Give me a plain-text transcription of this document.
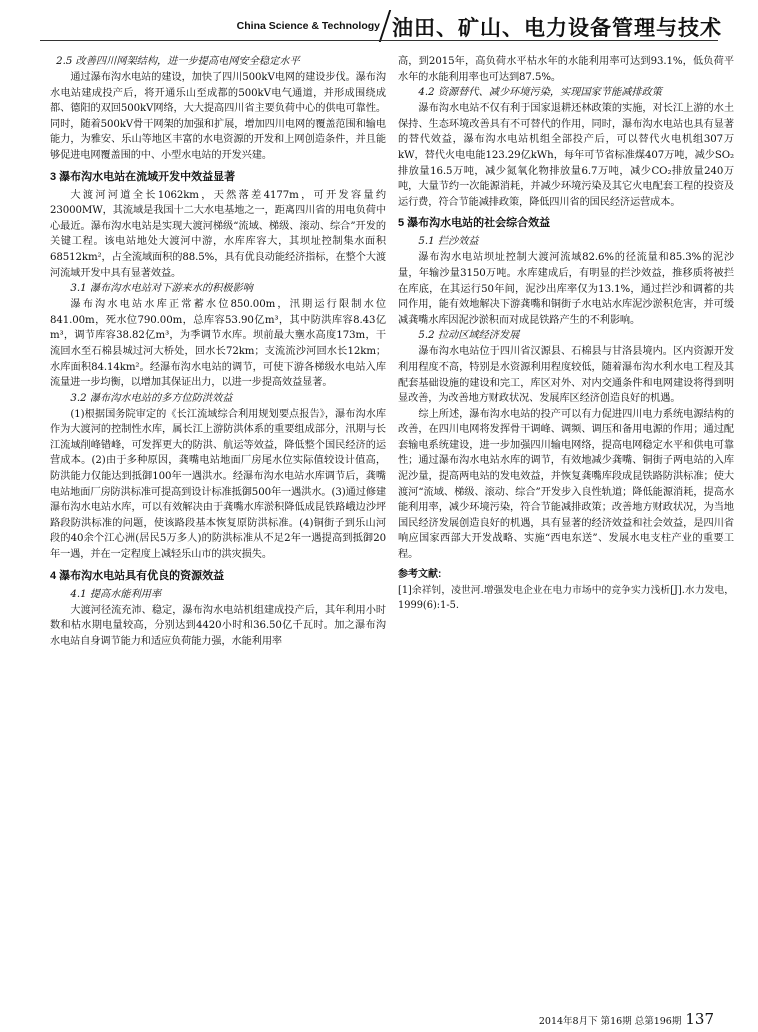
China Science & Technology 油田、矿山、电力设备管理与技术

2.5 改善四川网架结构，进一步提高电网安全稳定水平

通过瀑布沟水电站的建设，加快了四川500kV电网的建设步伐。瀑布沟水电站建成投产后，将开通乐山至成都的500kV电气通道，并形成围绕成都、德阳的双回500kV网络，大大提高四川省主要负荷中心的供电可靠性。同时，随着500kV骨干网架的加强和扩展，增加四川电网的覆盖范围和输电能力，为雅安、乐山等地区丰富的水电资源的开发和上网创造条件，并且能够促进电网覆盖围的中、小型水电站的开发兴建。

3 瀑布沟水电站在流域开发中效益显著

大渡河河道全长1062km，天然落差4177m，可开发容量约23000MW，其流域是我国十二大水电基地之一，距离四川省的用电负荷中心最近。瀑布沟水电站是实现大渡河梯级“流域、梯级、滚动、综合”开发的关键工程。该电站地处大渡河中游，水库库容大，其坝址控制集水面积68512km²，占全流域面积的88.5%，具有优良动能经济指标，在整个大渡河流域开发中具有显著效益。

3.1 瀑布沟水电站对下游来水的积极影响

瀑布沟水电站水库正常蓄水位850.00m，汛期运行限制水位841.00m，死水位790.00m，总库容53.90亿m³，其中防洪库容8.43亿m³，调节库容38.82亿m³，为季调节水库。坝前最大壅水高度173m，干流回水至石棉县城过河大桥处，回水长72km；支流流沙河回水长12km；水库面积84.14km²。经瀑布沟水电站的调节，可使下游各梯级水电站入库流量进一步均衡，以增加其保证出力，以进一步提高效益显著。

3.2 瀑布沟水电站的多方位防洪效益

(1)根据国务院审定的《长江流域综合利用规划要点报告》，瀑布沟水库作为大渡河的控制性水库，属长江上游防洪体系的重要组成部分，汛期与长江流域削峰错峰，可发挥更大的防洪、航运等效益，降低整个国民经济的运营成本。(2)由于多种原因，龚嘴电站地面厂房尾水位实际值较设计值高，防洪能力仅能达到抵御100年一遇洪水。经瀑布沟水电站水库调节后，龚嘴电站地面厂房防洪标准可提高到设计标准抵御500年一遇洪水。(3)通过修建瀑布沟水电站水库，可以有效解决由于龚嘴水库淤积降低成昆铁路峨边沙坪路段防洪标准的问题，使该路段基本恢复原防洪标准。(4)铜街子到乐山河段的40余个江心洲(居民5万多人)的防洪标准从不足2年一遇提高到抵御20年一遇，并在一定程度上减轻乐山市的洪灾损失。

4 瀑布沟水电站具有优良的资源效益

4.1 提高水能利用率

大渡河径流充沛、稳定，瀑布沟水电站机组建成投产后，其年利用小时数和枯水期电量较高，分别达到4420小时和36.50亿千瓦时。加之瀑布沟水电站自身调节能力和适应负荷能力强，水能利用率

高，到2015年，高负荷水平枯水年的水能利用率可达到93.1%，低负荷平水年的水能利用率也可达到87.5%。

4.2 资源替代、减少环境污染，实现国家节能减排政策

瀑布沟水电站不仅有利于国家退耕还林政策的实施，对长江上游的水土保持、生态环境改善具有不可替代的作用，同时，瀑布沟水电站也具有显著的替代效益，瀑布沟水电站机组全部投产后，可以替代火电机组307万kW，替代火电电能123.29亿kWh，每年可节省标准煤407万吨，减少SO₂排放量16.5万吨，减少氮氧化物排放量6.7万吨，减少CO₂排放量240万吨，大量节约一次能源消耗，并减少环境污染及其它火电配套工程的投资及运行费，符合节能减排政策，降低四川省的国民经济运营成本。

5 瀑布沟水电站的社会综合效益

5.1 拦沙效益

瀑布沟水电站坝址控制大渡河流域82.6%的径流量和85.3%的泥沙量，年输沙量3150万吨。水库建成后，有明显的拦沙效益，推移质将被拦在库底，在其运行50年间，泥沙出库率仅为13.1%，通过拦沙和调蓄的共同作用，能有效地解决下游龚嘴和铜街子水电站水库泥沙淤积危害，并可缓减龚嘴水库因泥沙淤积而对成昆铁路产生的不利影响。

5.2 拉动区域经济发展

瀑布沟水电站位于四川省汉源县、石棉县与甘洛县境内。区内资源开发利用程度不高，特别是水资源利用程度较低，随着瀑布沟水利水电工程及其配套基础设施的建设和完工，库区对外、对内交通条件和电网建设将得到明显改善，为改善地方财政状况、发展库区经济创造良好的机遇。

综上所述，瀑布沟水电站的投产可以有力促进四川电力系统电源结构的改善，在四川电网将发挥骨干调峰、调频、调压和备用电源的作用；通过配套输电系统建设，进一步加强四川输电网络，提高电网稳定水平和供电可靠性；通过瀑布沟水电站水库的调节，有效地减少龚嘴、铜街子两电站的入库泥沙量，提高两电站的发电效益，并恢复龚嘴库段成昆铁路防洪标准；使大渡河“流域、梯级、滚动、综合”开发步入良性轨道；降低能源消耗，提高水能利用率，减少环境污染，符合节能减排政策；改善地方财政状况，为当地国民经济发展创造良好的机遇，具有显著的经济效益和社会效益，是四川省响应国家西部大开发战略、实施“西电东送”、发展水电支柱产业的重要工程。

参考文献:

[1]余祥钊，凌世河.增强发电企业在电力市场中的竞争实力浅析[J].水力发电，1999(6):1-5.

2014年8月下 第16期 总第196期 137
